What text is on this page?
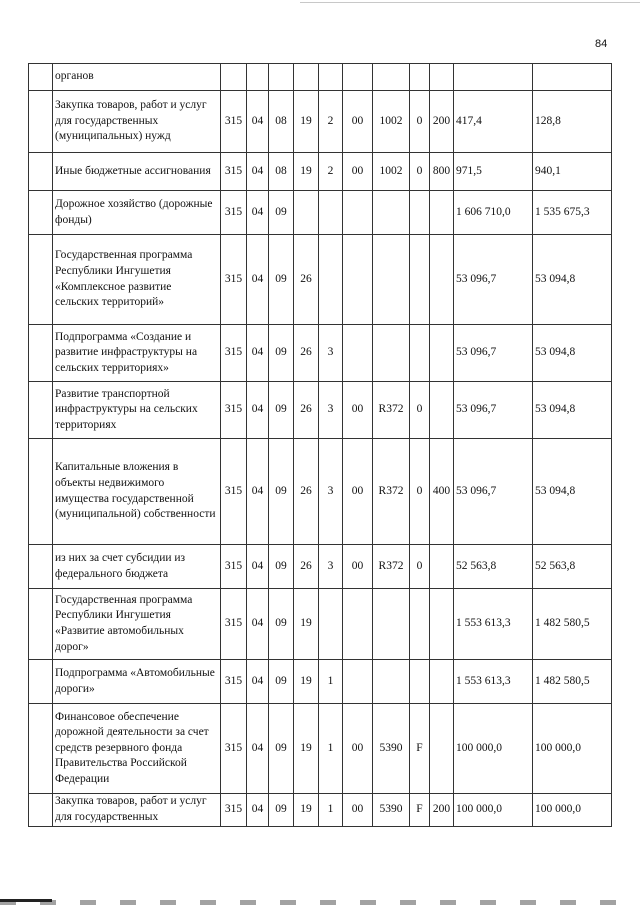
84
	органов											
	Закупка товаров, работ и услуг для государственных (муниципальных) нужд	315	04	08	19	2	00	1002	0	200	417,4	128,8
	Иные бюджетные ассигнования	315	04	08	19	2	00	1002	0	800	971,5	940,1
	Дорожное хозяйство (дорожные фонды)	315	04	09							1 606 710,0	1 535 675,3
	Государственная программа Республики Ингушетия «Комплексное развитие сельских территорий»	315	04	09	26						53 096,7	53 094,8
	Подпрограмма «Создание и развитие инфраструктуры на сельских территориях»	315	04	09	26	3					53 096,7	53 094,8
	Развитие транспортной инфраструктуры на сельских территориях	315	04	09	26	3	00	R372	0		53 096,7	53 094,8
	Капитальные вложения в объекты недвижимого имущества государственной (муниципальной) собственности	315	04	09	26	3	00	R372	0	400	53 096,7	53 094,8
	из них за счет субсидии из федерального бюджета	315	04	09	26	3	00	R372	0		52 563,8	52 563,8
	Государственная программа Республики Ингушетия «Развитие автомобильных дорог»	315	04	09	19						1 553 613,3	1 482 580,5
	Подпрограмма «Автомобильные дороги»	315	04	09	19	1					1 553 613,3	1 482 580,5
	Финансовое обеспечение дорожной деятельности за счет средств резервного фонда Правительства Российской Федерации	315	04	09	19	1	00	5390	F		100 000,0	100 000,0
	Закупка товаров, работ и услуг для государственных	315	04	09	19	1	00	5390	F	200	100 000,0	100 000,0
